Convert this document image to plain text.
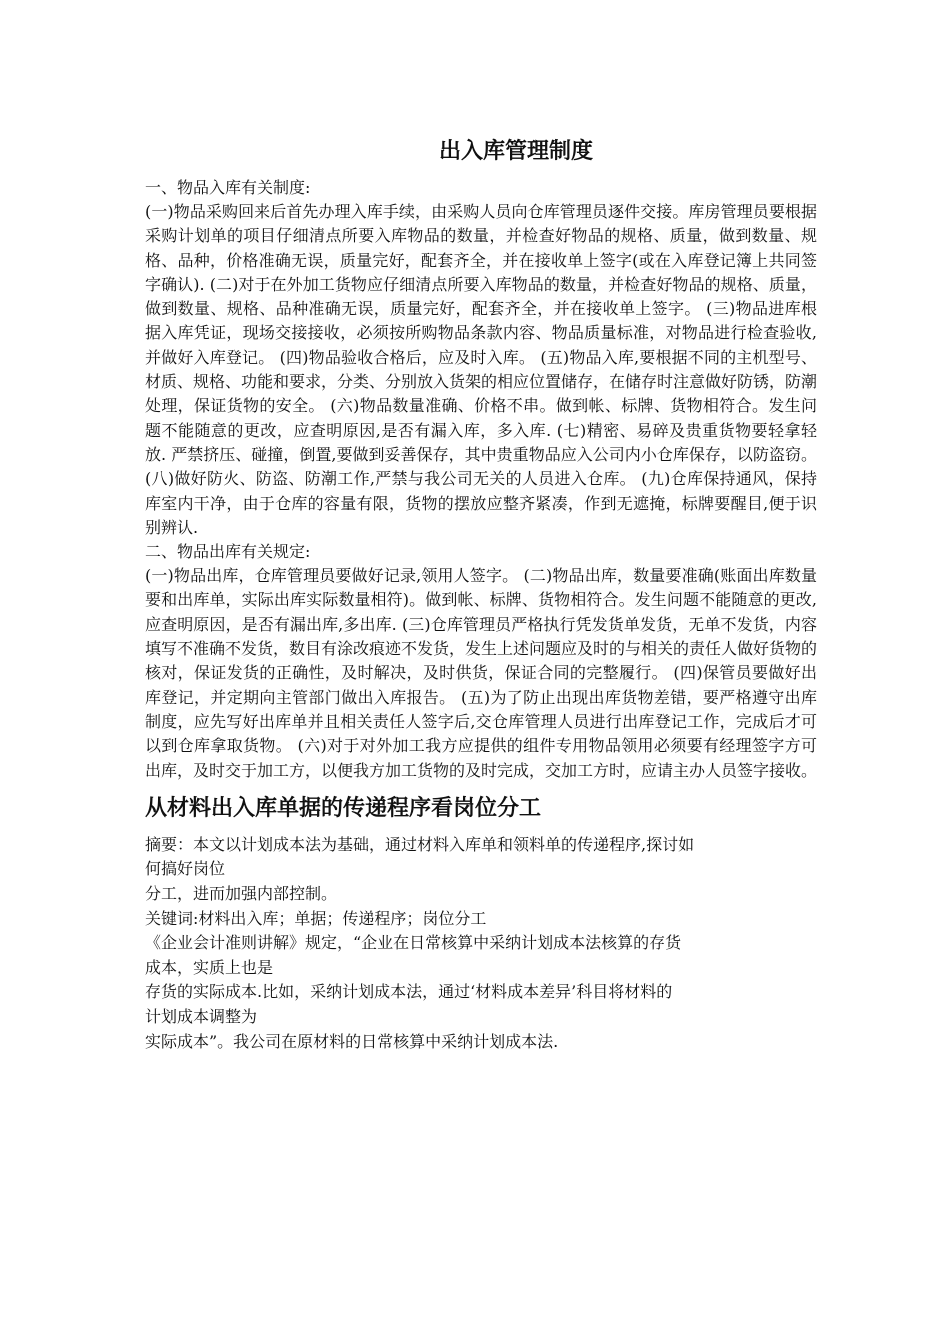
出入库管理制度

一、物品入库有关制度:

(一)物品采购回来后首先办理入库手续，由采购人员向仓库管理员逐件交接。库房管理员要根据采购计划单的项目仔细清点所要入库物品的数量，并检查好物品的规格、质量，做到数量、规格、品种，价格准确无误，质量完好，配套齐全，并在接收单上签字(或在入库登记簿上共同签字确认). (二)对于在外加工货物应仔细清点所要入库物品的数量，并检查好物品的规格、质量，做到数量、规格、品种准确无误，质量完好，配套齐全，并在接收单上签字。 (三)物品进库根据入库凭证，现场交接接收，必须按所购物品条款内容、物品质量标准，对物品进行检查验收,并做好入库登记。 (四)物品验收合格后，应及时入库。 (五)物品入库,要根据不同的主机型号、材质、规格、功能和要求，分类、分别放入货架的相应位置储存，在储存时注意做好防锈，防潮处理，保证货物的安全。 (六)物品数量准确、价格不串。做到帐、标牌、货物相符合。发生问题不能随意的更改，应查明原因,是否有漏入库，多入库. (七)精密、易碎及贵重货物要轻拿轻放. 严禁挤压、碰撞，倒置,要做到妥善保存，其中贵重物品应入公司内小仓库保存，以防盗窃。 (八)做好防火、防盗、防潮工作,严禁与我公司无关的人员进入仓库。 (九)仓库保持通风，保持库室内干净，由于仓库的容量有限，货物的摆放应整齐紧凑，作到无遮掩，标牌要醒目,便于识别辨认.

二、物品出库有关规定:

(一)物品出库，仓库管理员要做好记录,领用人签字。 (二)物品出库，数量要准确(账面出库数量要和出库单，实际出库实际数量相符)。做到帐、标牌、货物相符合。发生问题不能随意的更改,应查明原因，是否有漏出库,多出库. (三)仓库管理员严格执行凭发货单发货，无单不发货，内容填写不准确不发货，数目有涂改痕迹不发货，发生上述问题应及时的与相关的责任人做好货物的核对，保证发货的正确性，及时解决，及时供货，保证合同的完整履行。 (四)保管员要做好出库登记，并定期向主管部门做出入库报告。 (五)为了防止出现出库货物差错，要严格遵守出库制度，应先写好出库单并且相关责任人签字后,交仓库管理人员进行出库登记工作，完成后才可以到仓库拿取货物。 (六)对于对外加工我方应提供的组件专用物品领用必须要有经理签字方可出库，及时交于加工方，以便我方加工货物的及时完成，交加工方时，应请主办人员签字接收。

从材料出入库单据的传递程序看岗位分工

摘要：本文以计划成本法为基础，通过材料入库单和领料单的传递程序,探讨如

何搞好岗位

分工，进而加强内部控制。

关键词:材料出入库；单据；传递程序；岗位分工

《企业会计准则讲解》规定，“企业在日常核算中采纳计划成本法核算的存货

成本，实质上也是

存货的实际成本.比如，采纳计划成本法，通过‘材料成本差异’科目将材料的

计划成本调整为

实际成本”。我公司在原材料的日常核算中采纳计划成本法.
